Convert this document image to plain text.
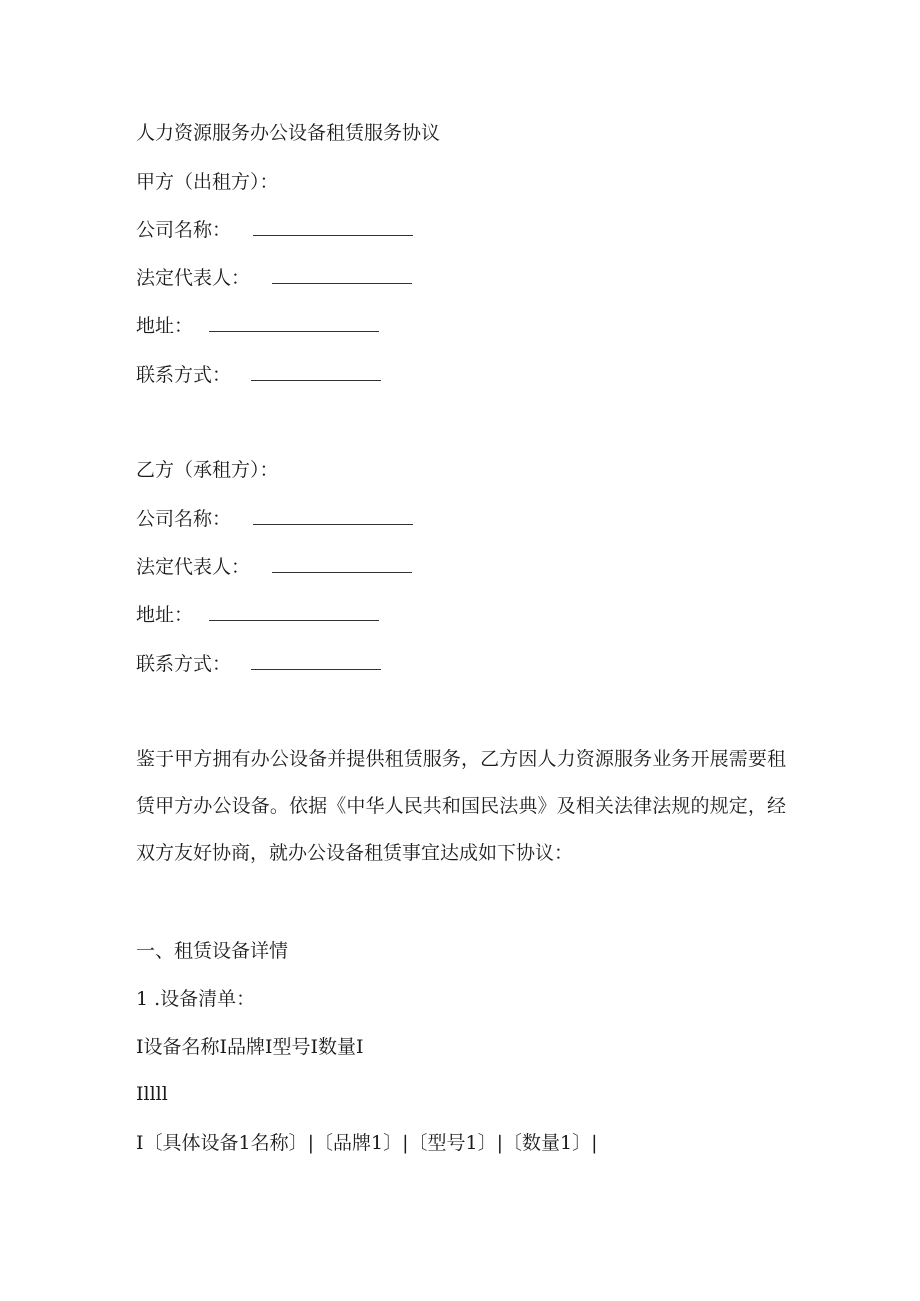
人力资源服务办公设备租赁服务协议
甲方（出租方）：
公司名称：
法定代表人：
地址：
联系方式：
乙方（承租方）：
公司名称：
法定代表人：
地址：
联系方式：
鉴于甲方拥有办公设备并提供租赁服务，乙方因人力资源服务业务开展需要租赁甲方办公设备。依据《中华人民共和国民法典》及相关法律法规的规定，经双方友好协商，就办公设备租赁事宜达成如下协议：
一、租赁设备详情
1 .设备清单：
I设备名称I品牌I型号I数量I
Illll
I〔具体设备1名称〕|〔品牌1〕|〔型号1〕|〔数量1〕|
